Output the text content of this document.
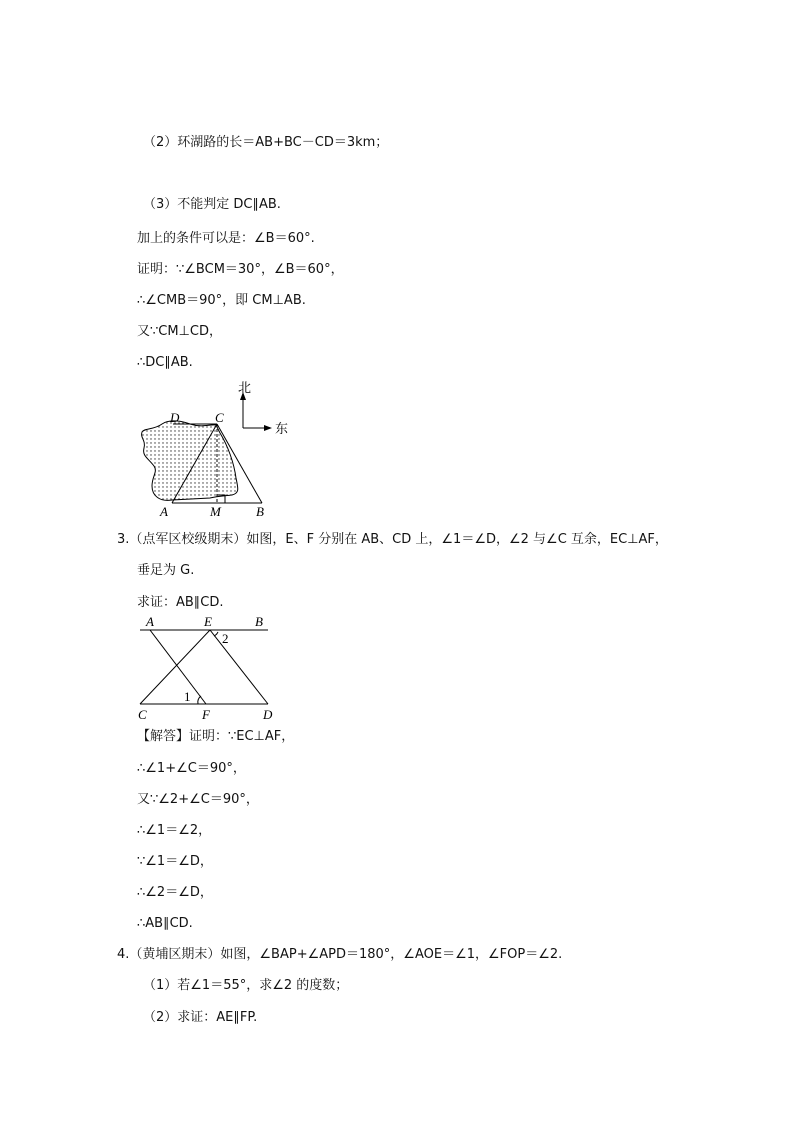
（2）环湖路的长＝AB+BC－CD＝3km；
（3）不能判定 DC∥AB.
加上的条件可以是：∠B＝60°.
证明：∵∠BCM＝30°，∠B＝60°，
∴∠CMB＝90°，即 CM⊥AB.
又∵CM⊥CD，
∴DC∥AB.
3.（点军区校级期末）如图，E、F 分别在 AB、CD 上，∠1＝∠D，∠2 与∠C 互余，EC⊥AF，
垂足为 G.
求证：AB∥CD.
【解答】证明：∵EC⊥AF，
∴∠1+∠C＝90°，
又∵∠2+∠C＝90°，
∴∠1＝∠2，
∵∠1＝∠D，
∴∠2＝∠D，
∴AB∥CD.
4.（黄埔区期末）如图，∠BAP+∠APD＝180°，∠AOE＝∠1，∠FOP＝∠2.
（1）若∠1＝55°，求∠2 的度数；
（2）求证：AE∥FP.
北
东
D	C
A	M	B
A	E	B
C	F	D
1
2
